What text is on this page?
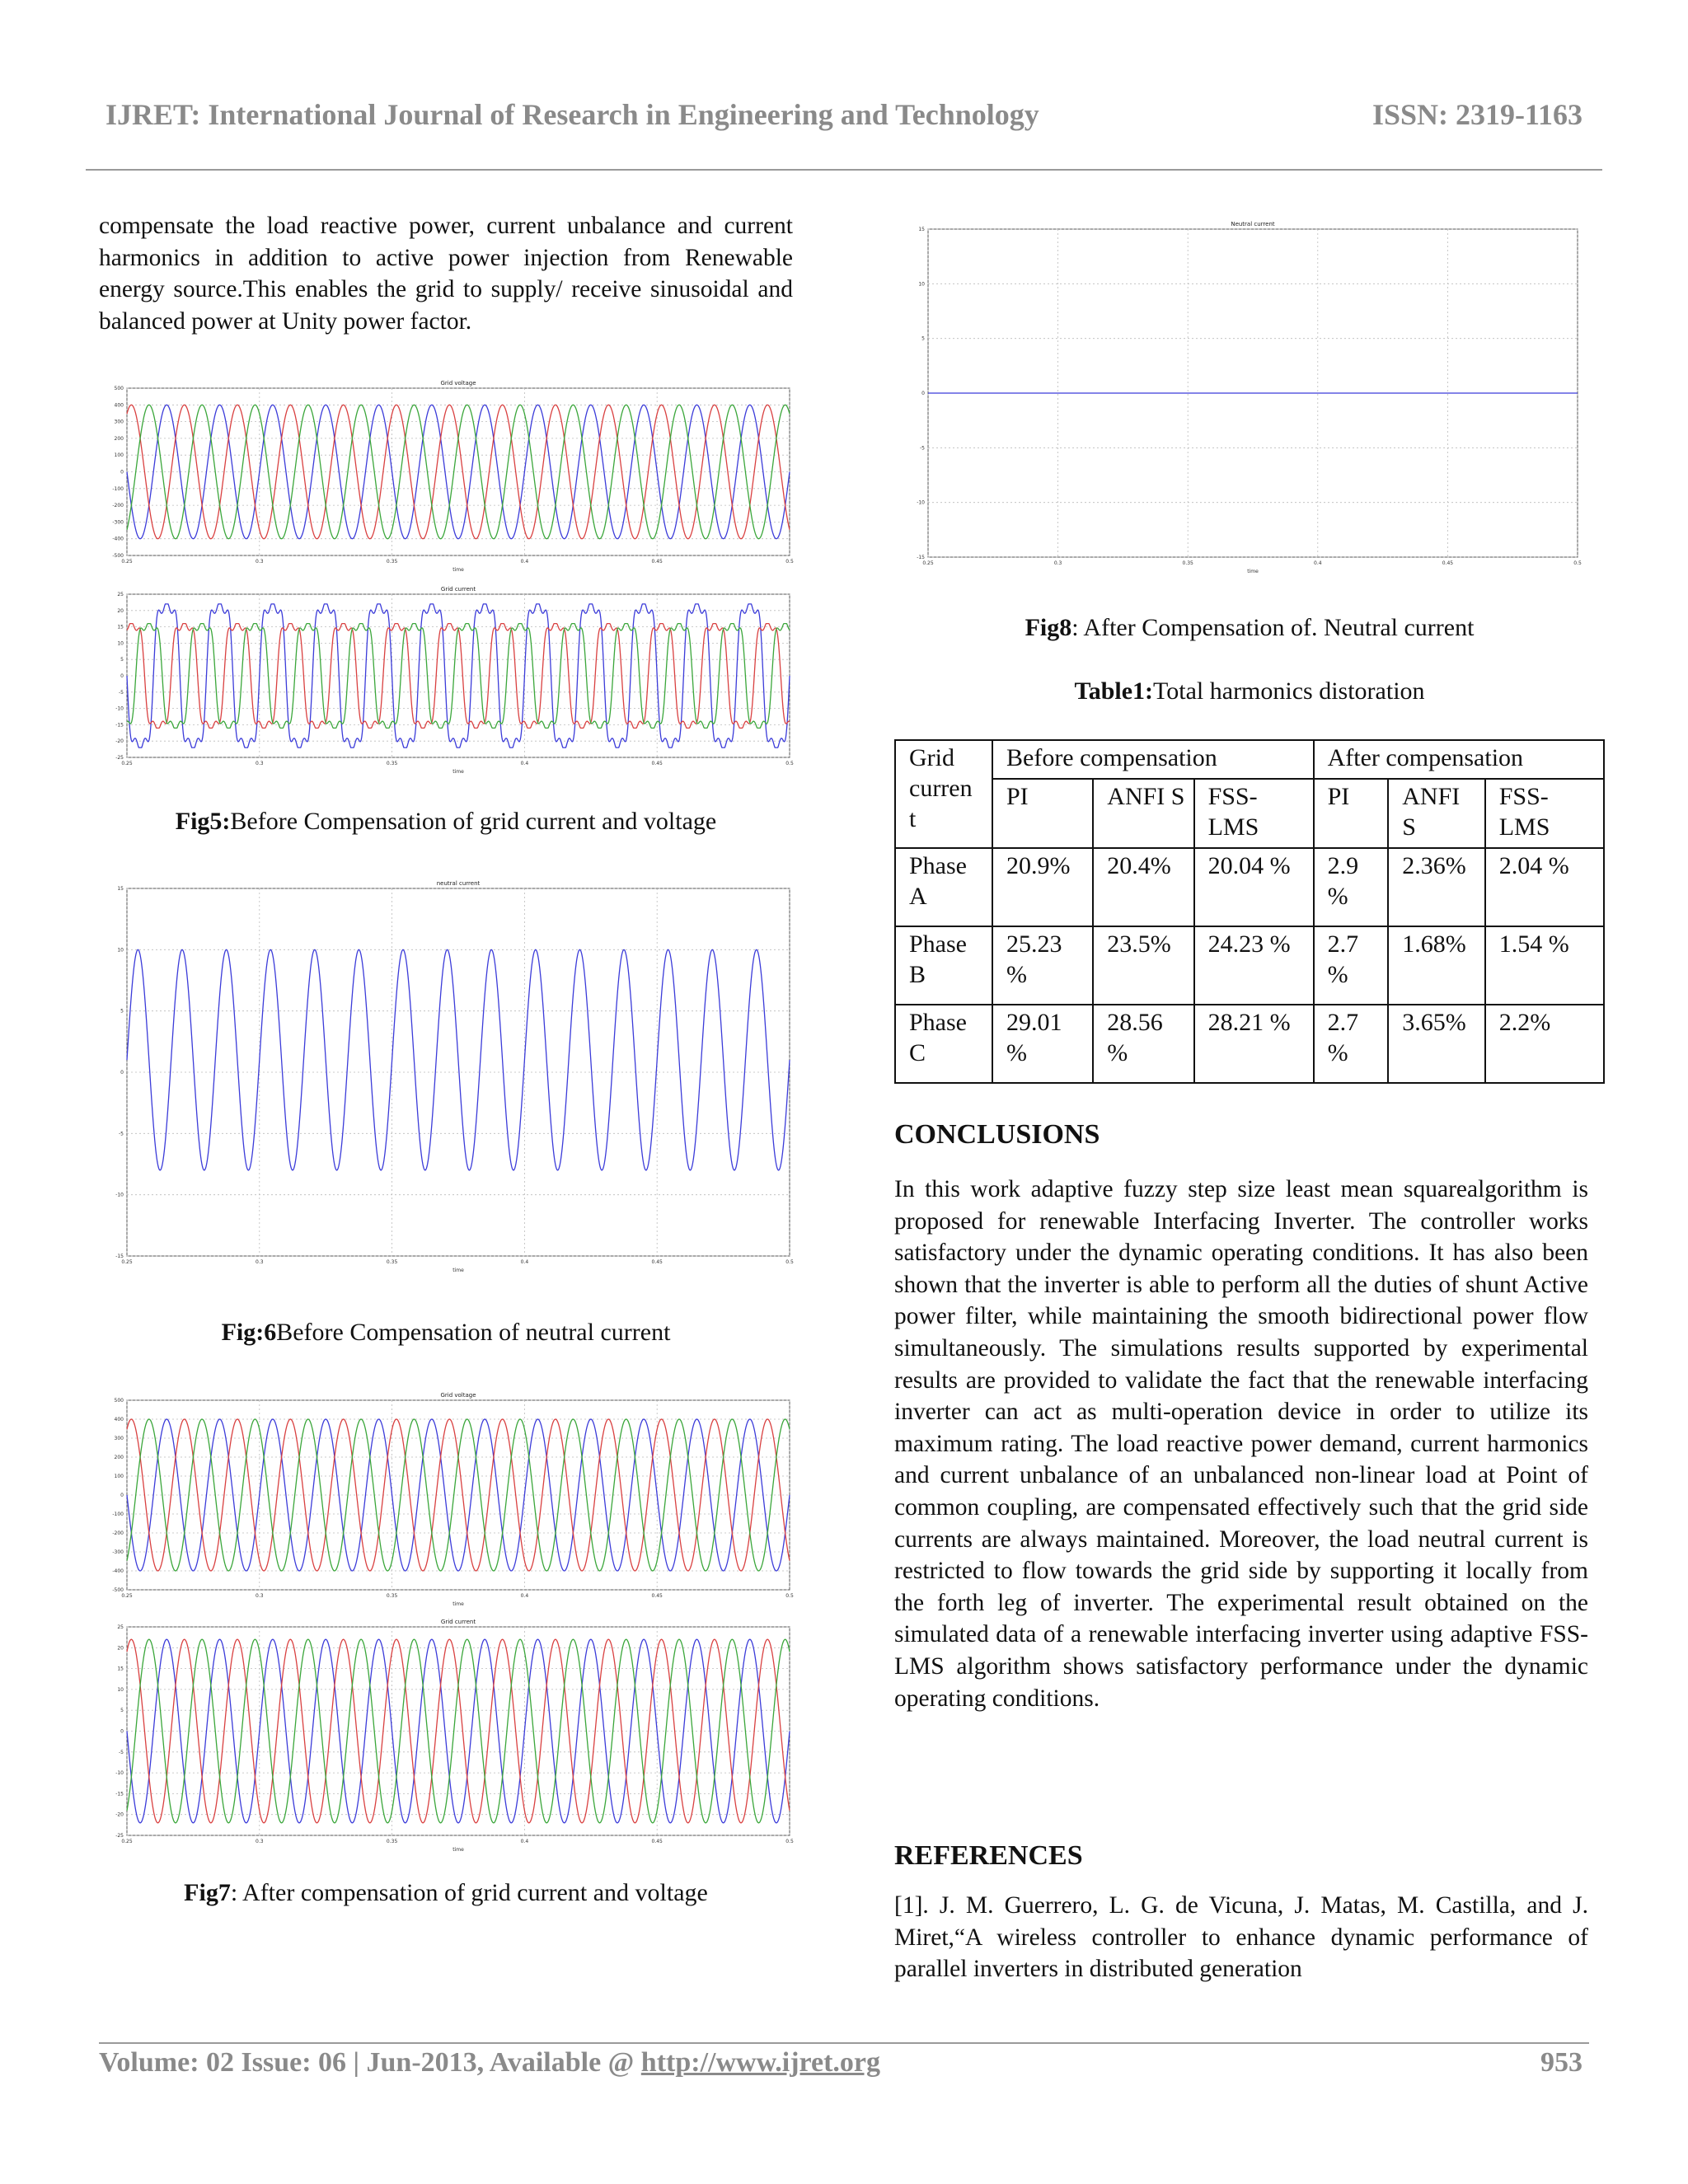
IJRET: International Journal of Research in Engineering and Technology	ISSN: 2319-1163
compensate the load reactive power, current unbalance and current harmonics in addition to active power injection from Renewable energy source.This enables the grid to supply/ receive sinusoidal and balanced power at Unity power factor.
Grid voltage
0.25	0.3	0.35	0.4	0.45	0.5
500
400
300
200
100
0
-100
-200
-300
-400
-500
time
Grid current
0.25	0.3	0.35	0.4	0.45	0.5
25
20
15
10
5
0
-5
-10
-15
-20
-25
time
Fig5:Before Compensation of grid current and voltage
neutral current
0.25	0.3	0.35	0.4	0.45	0.5
15
10
5
0
-5
-10
-15
time
Fig:6Before Compensation of neutral current
Grid voltage
0.25	0.3	0.35	0.4	0.45	0.5
500
400
300
200
100
0
-100
-200
-300
-400
-500
time
Grid current
0.25	0.3	0.35	0.4	0.45	0.5
25
20
15
10
5
0
-5
-10
-15
-20
-25
time
Fig7: After compensation of grid current and voltage
Neutral current
0.25	0.3	0.35	0.4	0.45	0.5
15
10
5
0
-5
-10
-15
time
Fig8: After Compensation of. Neutral current
Table1:Total harmonics distoration
Grid curren t	Before compensation			After compensation		
	PI	ANFI S	FSS- LMS	PI	ANFI S	FSS- LMS
Phase A	20.9%	20.4%	20.04 %	2.9 %	2.36%	2.04 %
Phase B	25.23 %	23.5%	24.23 %	2.7 %	1.68%	1.54 %
Phase C	29.01 %	28.56 %	28.21 %	2.7 %	3.65%	2.2%
CONCLUSIONS
In this work adaptive fuzzy step size least mean squarealgorithm is proposed for renewable Interfacing Inverter. The controller works satisfactory under the dynamic operating conditions. It has also been shown that the inverter is able to perform all the duties of shunt Active power filter, while maintaining the smooth bidirectional power flow simultaneously. The simulations results supported by experimental results are provided to validate the fact that the renewable interfacing inverter can act as multi-operation device in order to utilize its maximum rating. The load reactive power demand, current harmonics and current unbalance of an unbalanced non-linear load at Point of common coupling, are compensated effectively such that the grid side currents are always maintained. Moreover, the load neutral current is restricted to flow towards the grid side by supporting it locally from the forth leg of inverter. The experimental result obtained on the simulated data of a renewable interfacing inverter using adaptive FSS-LMS algorithm shows satisfactory performance under the dynamic operating conditions.
REFERENCES
[1]. J. M. Guerrero, L. G. de Vicuna, J. Matas, M. Castilla, and J. Miret,“A wireless controller to enhance dynamic performance of parallel inverters in distributed generation
Volume: 02 Issue: 06 | Jun-2013, Available @ http://www.ijret.org	953
